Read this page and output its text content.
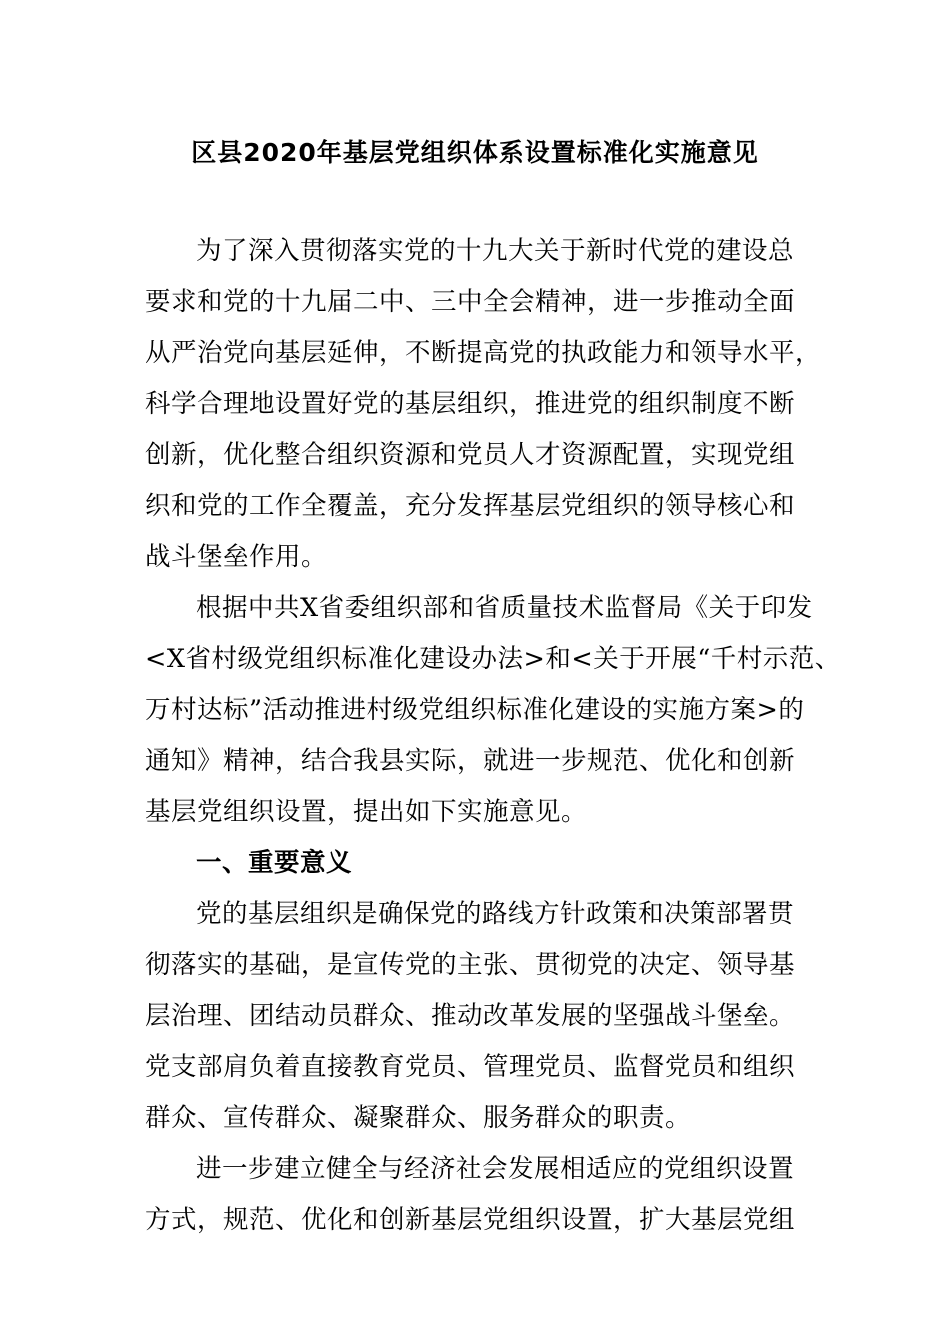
区县2020年基层党组织体系设置标准化实施意见
为了深入贯彻落实党的十九大关于新时代党的建设总
要求和党的十九届二中、三中全会精神，进一步推动全面
从严治党向基层延伸，不断提高党的执政能力和领导水平，
科学合理地设置好党的基层组织，推进党的组织制度不断
创新，优化整合组织资源和党员人才资源配置，实现党组
织和党的工作全覆盖，充分发挥基层党组织的领导核心和
战斗堡垒作用。
根据中共X省委组织部和省质量技术监督局《关于印发
<X省村级党组织标准化建设办法>和<关于开展“千村示范、
万村达标”活动推进村级党组织标准化建设的实施方案>的
通知》精神，结合我县实际，就进一步规范、优化和创新
基层党组织设置，提出如下实施意见。
一、重要意义
党的基层组织是确保党的路线方针政策和决策部署贯
彻落实的基础，是宣传党的主张、贯彻党的决定、领导基
层治理、团结动员群众、推动改革发展的坚强战斗堡垒。
党支部肩负着直接教育党员、管理党员、监督党员和组织
群众、宣传群众、凝聚群众、服务群众的职责。
进一步建立健全与经济社会发展相适应的党组织设置
方式，规范、优化和创新基层党组织设置，扩大基层党组
